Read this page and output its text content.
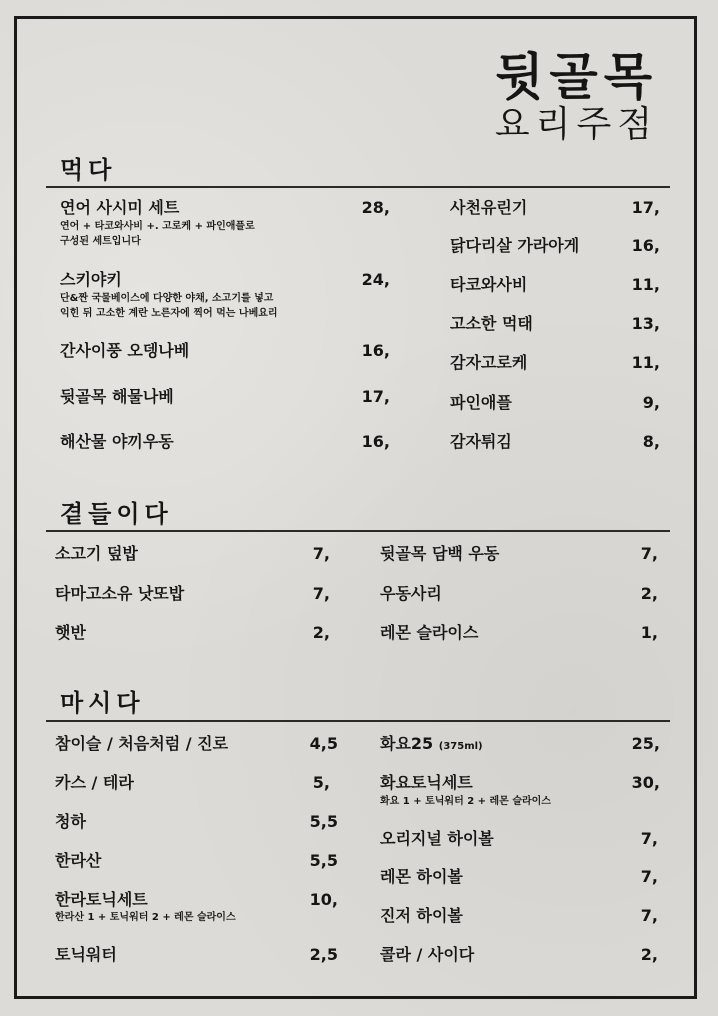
뒷골목
요리주점
먹다
연어 사시미 세트	28,
연어 + 타코와사비 +. 고로케 + 파인애플로
구성된 세트입니다
스키야키	24,
단&짠 국물베이스에 다양한 야채, 소고기를 넣고
익힌 뒤 고소한 계란 노른자에 찍어 먹는 나베요리
간사이풍 오뎅나베	16,
뒷골목 해물나베	17,
해산물 야끼우동	16,
사천유린기	17,
닭다리살 가라아게	16,
타코와사비	11,
고소한 먹태	13,
감자고로케	11,
파인애플	9,
감자튀김	8,
곁들이다
소고기 덮밥	7,
타마고소유 낫또밥	7,
햇반	2,
뒷골목 담백 우동	7,
우동사리	2,
레몬 슬라이스	1,
마시다
참이슬 / 처음처럼 / 진로	4,5
카스 / 테라	5,
청하	5,5
한라산	5,5
한라토닉세트	10,
한라산 1 + 토닉워터 2 + 레몬 슬라이스
토닉워터	2,5
화요25 (375ml)	25,
화요토닉세트	30,
화요 1 + 토닉워터 2 + 레몬 슬라이스
오리지널 하이볼	7,
레몬 하이볼	7,
진저 하이볼	7,
콜라 / 사이다	2,
